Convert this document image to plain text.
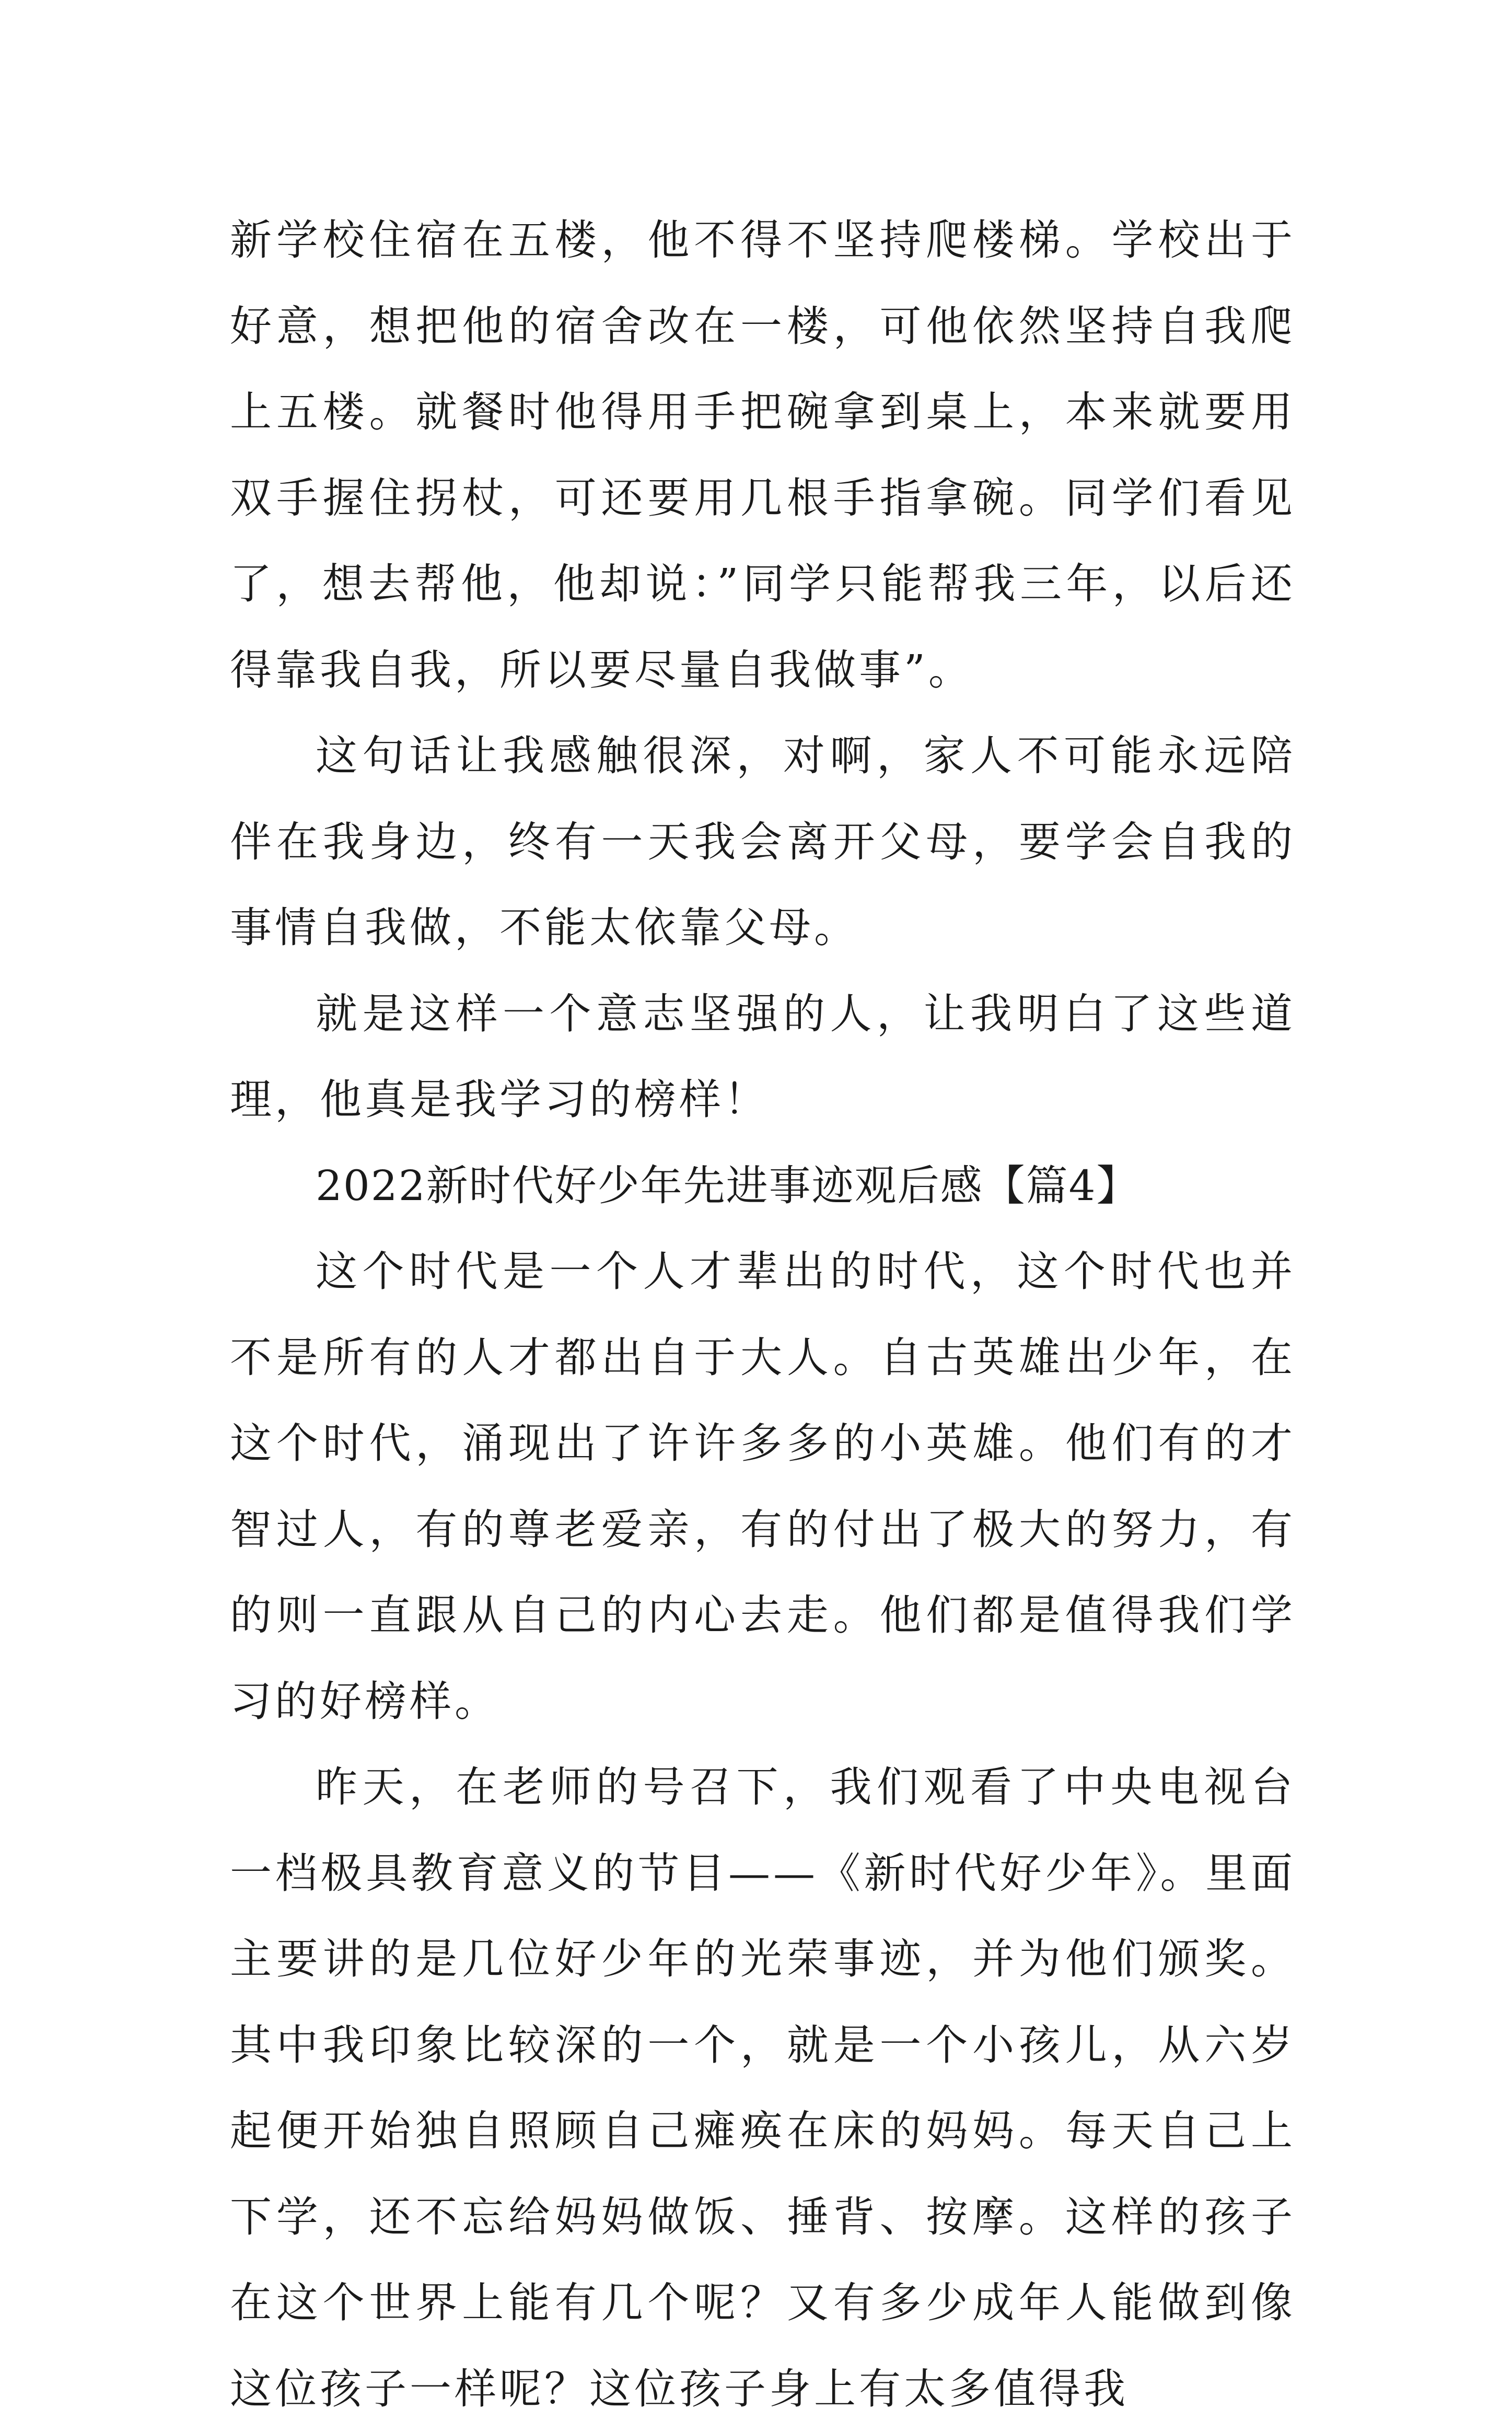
新学校住宿在五楼，他不得不坚持爬楼梯。学校出于好意，想把他的宿舍改在一楼，可他依然坚持自我爬上五楼。就餐时他得用手把碗拿到桌上，本来就要用双手握住拐杖，可还要用几根手指拿碗。同学们看见了，想去帮他，他却说：”同学只能帮我三年，以后还得靠我自我，所以要尽量自我做事”。

这句话让我感触很深，对啊，家人不可能永远陪伴在我身边，终有一天我会离开父母，要学会自我的事情自我做，不能太依靠父母。

就是这样一个意志坚强的人，让我明白了这些道理，他真是我学习的榜样！

2022新时代好少年先进事迹观后感【篇4】

这个时代是一个人才辈出的时代，这个时代也并不是所有的人才都出自于大人。自古英雄出少年，在这个时代，涌现出了许许多多的小英雄。他们有的才智过人，有的尊老爱亲，有的付出了极大的努力，有的则一直跟从自己的内心去走。他们都是值得我们学习的好榜样。

昨天，在老师的号召下，我们观看了中央电视台一档极具教育意义的节目——《新时代好少年》。里面主要讲的是几位好少年的光荣事迹，并为他们颁奖。其中我印象比较深的一个，就是一个小孩儿，从六岁起便开始独自照顾自己瘫痪在床的妈妈。每天自己上下学，还不忘给妈妈做饭、捶背、按摩。这样的孩子在这个世界上能有几个呢？又有多少成年人能做到像这位孩子一样呢？这位孩子身上有太多值得我
